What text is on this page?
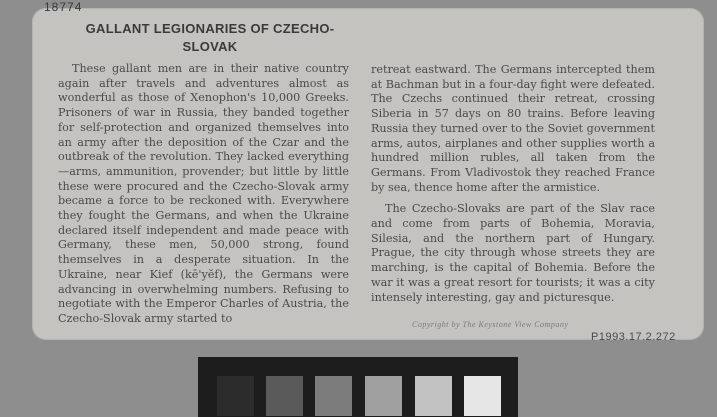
18774
GALLANT LEGIONARIES OF CZECHO-SLOVAK

These gallant men are in their native country again after travels and adventures almost as wonderful as those of Xenophon's 10,000 Greeks. Prisoners of war in Russia, they banded together for self-protection and organized themselves into an army after the deposition of the Czar and the outbreak of the revolution. They lacked everything—arms, ammunition, provender; but little by little these were procured and the Czecho-Slovak army became a force to be reckoned with. Everywhere they fought the Germans, and when the Ukraine declared itself independent and made peace with Germany, these men, 50,000 strong, found themselves in a desperate situation. In the Ukraine, near Kief (kē'yĕf), the Germans were advancing in overwhelming numbers. Refusing to negotiate with the Emperor Charles of Austria, the Czecho-Slovak army started to

retreat eastward. The Germans intercepted them at Bachman but in a four-day fight were defeated. The Czechs continued their retreat, crossing Siberia in 57 days on 80 trains. Before leaving Russia they turned over to the Soviet government arms, autos, airplanes and other supplies worth a hundred million rubles, all taken from the Germans. From Vladivostok they reached France by sea, thence home after the armistice.

The Czecho-Slovaks are part of the Slav race and come from parts of Bohemia, Moravia, Silesia, and the northern part of Hungary. Prague, the city through whose streets they are marching, is the capital of Bohemia. Before the war it was a great resort for tourists; it was a city intensely interesting, gay and picturesque.

Copyright by The Keystone View Company
P1993.17.2.272
